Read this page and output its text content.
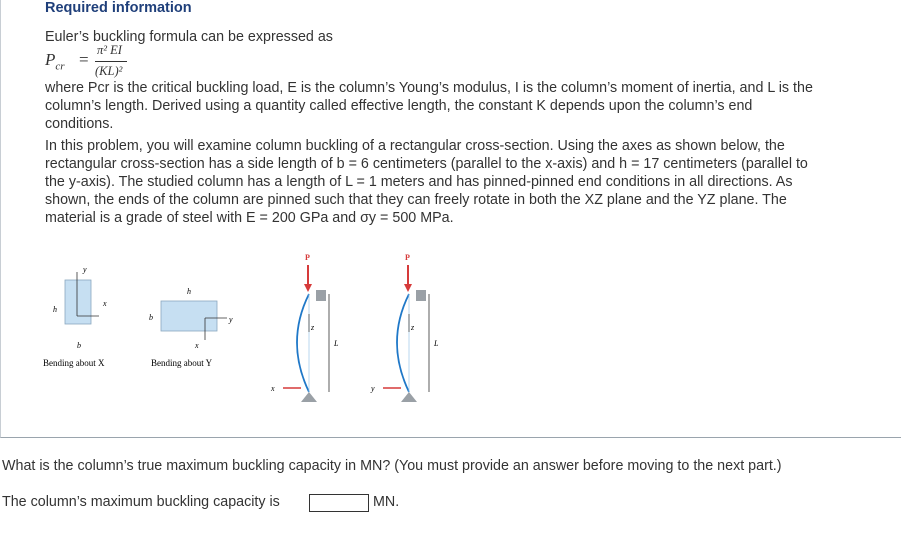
Required information
Euler’s buckling formula can be expressed as
$P_{cr} = \pi^2$ EI
(KL)²
where Pcr is the critical buckling load, E is the column’s Young’s modulus, I is the column’s moment of inertia, and L is the
column’s length. Derived using a quantity called effective length, the constant K depends upon the column’s end
conditions.
In this problem, you will examine column buckling of a rectangular cross-section. Using the axes as shown below, the
rectangular cross-section has a side length of b = 6 centimeters (parallel to the x-axis) and h = 17 centimeters (parallel to
the y-axis). The studied column has a length of L = 1 meters and has pinned-pinned end conditions in all directions. As
shown, the ends of the column are pinned such that they can freely rotate in both the XZ plane and the YZ plane. The
material is a grade of steel with E = 200 GPa and σy = 500 MPa.
y
x
h
b
Bending about X
h
b	y
x
Bending about Y
P
z
L
x
P
z
L
y
What is the column’s true maximum buckling capacity in MN? (You must provide an answer before moving to the next part.)
The column’s maximum buckling capacity is	MN.
